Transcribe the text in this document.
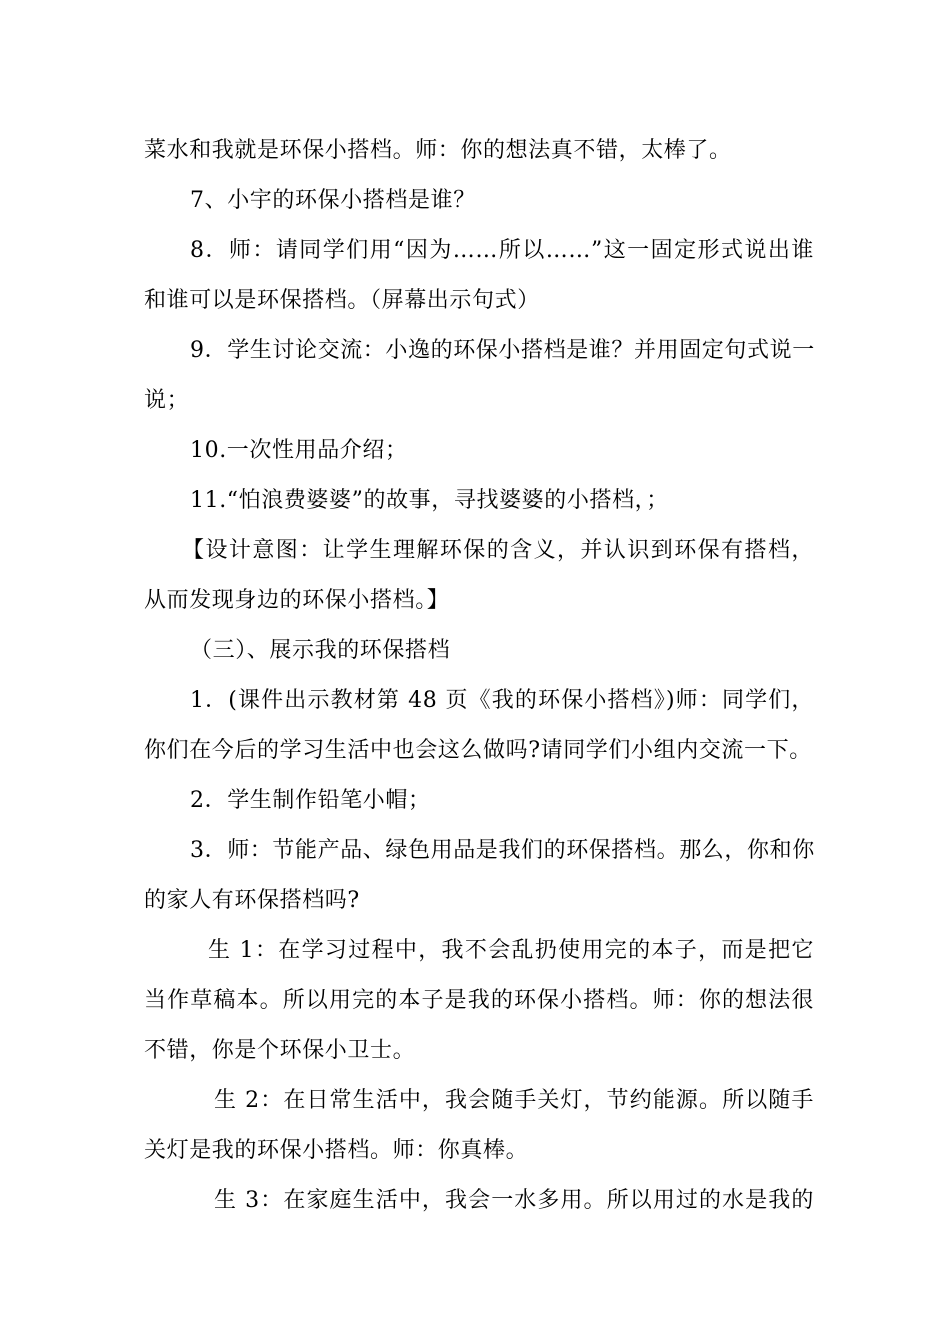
菜水和我就是环保小搭档。师：你的想法真不错，太棒了。
7、小宇的环保小搭档是谁？
8．师：请同学们用“因为……所以……”这一固定形式说出谁
和谁可以是环保搭档。（屏幕出示句式）
9．学生讨论交流：小逸的环保小搭档是谁？并用固定句式说一
说；
10.一次性用品介绍；
11.“怕浪费婆婆”的故事，寻找婆婆的小搭档，；
【设计意图：让学生理解环保的含义，并认识到环保有搭档，
从而发现身边的环保小搭档。】
（三）、展示我的环保搭档
1．(课件出示教材第 48 页《我的环保小搭档》)师：同学们，
你们在今后的学习生活中也会这么做吗?请同学们小组内交流一下。
2．学生制作铅笔小帽；
3．师：节能产品、绿色用品是我们的环保搭档。那么，你和你
的家人有环保搭档吗?
生 1：在学习过程中，我不会乱扔使用完的本子，而是把它
当作草稿本。所以用完的本子是我的环保小搭档。师：你的想法很
不错，你是个环保小卫士。
生 2：在日常生活中，我会随手关灯，节约能源。所以随手
关灯是我的环保小搭档。师：你真棒。
生 3：在家庭生活中，我会一水多用。所以用过的水是我的
